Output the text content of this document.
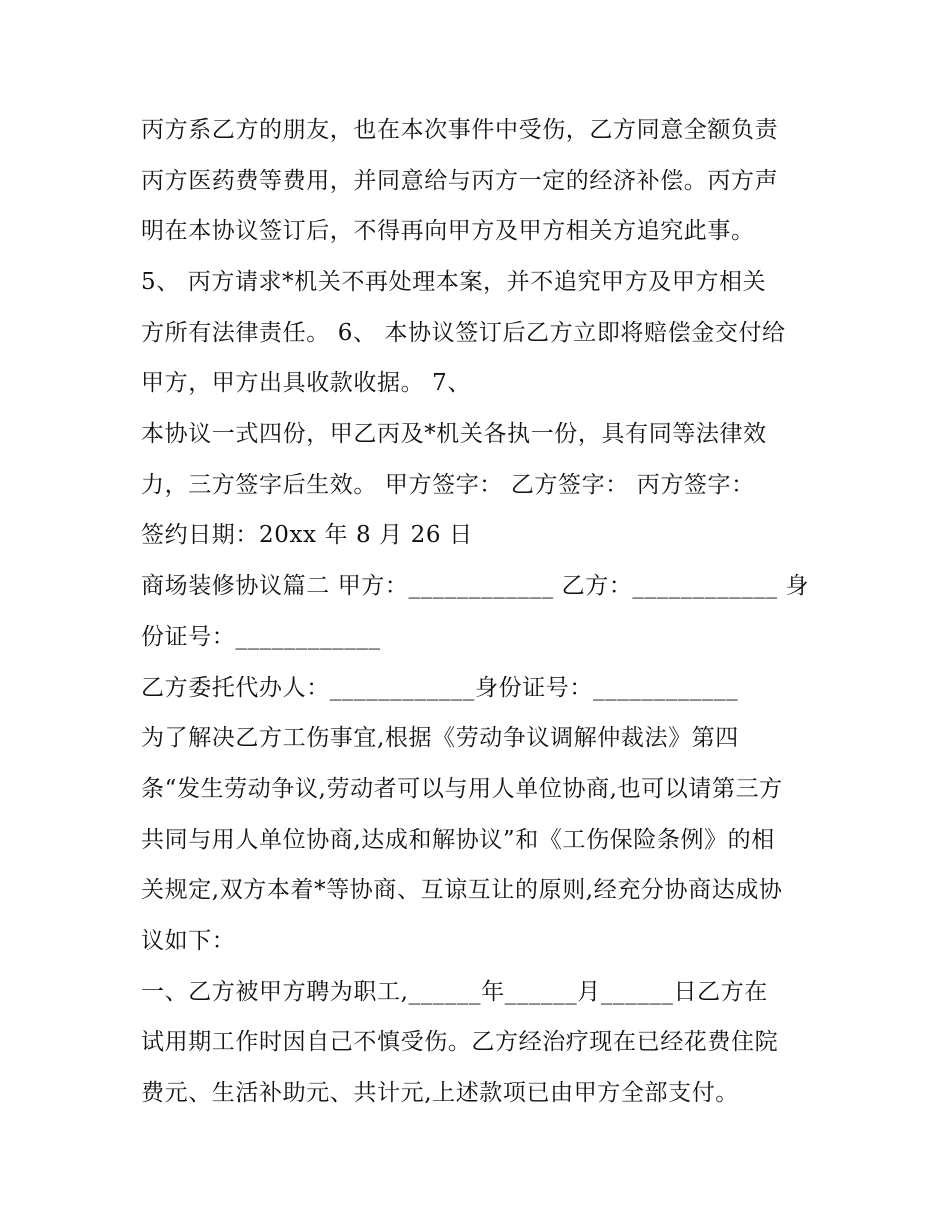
丙方系乙方的朋友，也在本次事件中受伤，乙方同意全额负责
丙方医药费等费用，并同意给与丙方一定的经济补偿。丙方声
明在本协议签订后，不得再向甲方及甲方相关方追究此事。
5、 丙方请求*机关不再处理本案，并不追究甲方及甲方相关
方所有法律责任。 6、 本协议签订后乙方立即将赔偿金交付给
甲方，甲方出具收款收据。 7、
本协议一式四份，甲乙丙及*机关各执一份，具有同等法律效
力，三方签字后生效。 甲方签字： 乙方签字： 丙方签字：
签约日期：20xx 年 8 月 26 日
商场装修协议篇二 甲方：____________ 乙方：____________ 身
份证号：____________
乙方委托代办人：____________身份证号：____________
为了解决乙方工伤事宜,根据《劳动争议调解仲裁法》第四
条“发生劳动争议,劳动者可以与用人单位协商,也可以请第三方
共同与用人单位协商,达成和解协议”和《工伤保险条例》的相
关规定,双方本着*等协商、互谅互让的原则,经充分协商达成协
议如下：
一、乙方被甲方聘为职工,______年______月______日乙方在
试用期工作时因自己不慎受伤。乙方经治疗现在已经花费住院
费元、生活补助元、共计元,上述款项已由甲方全部支付。
